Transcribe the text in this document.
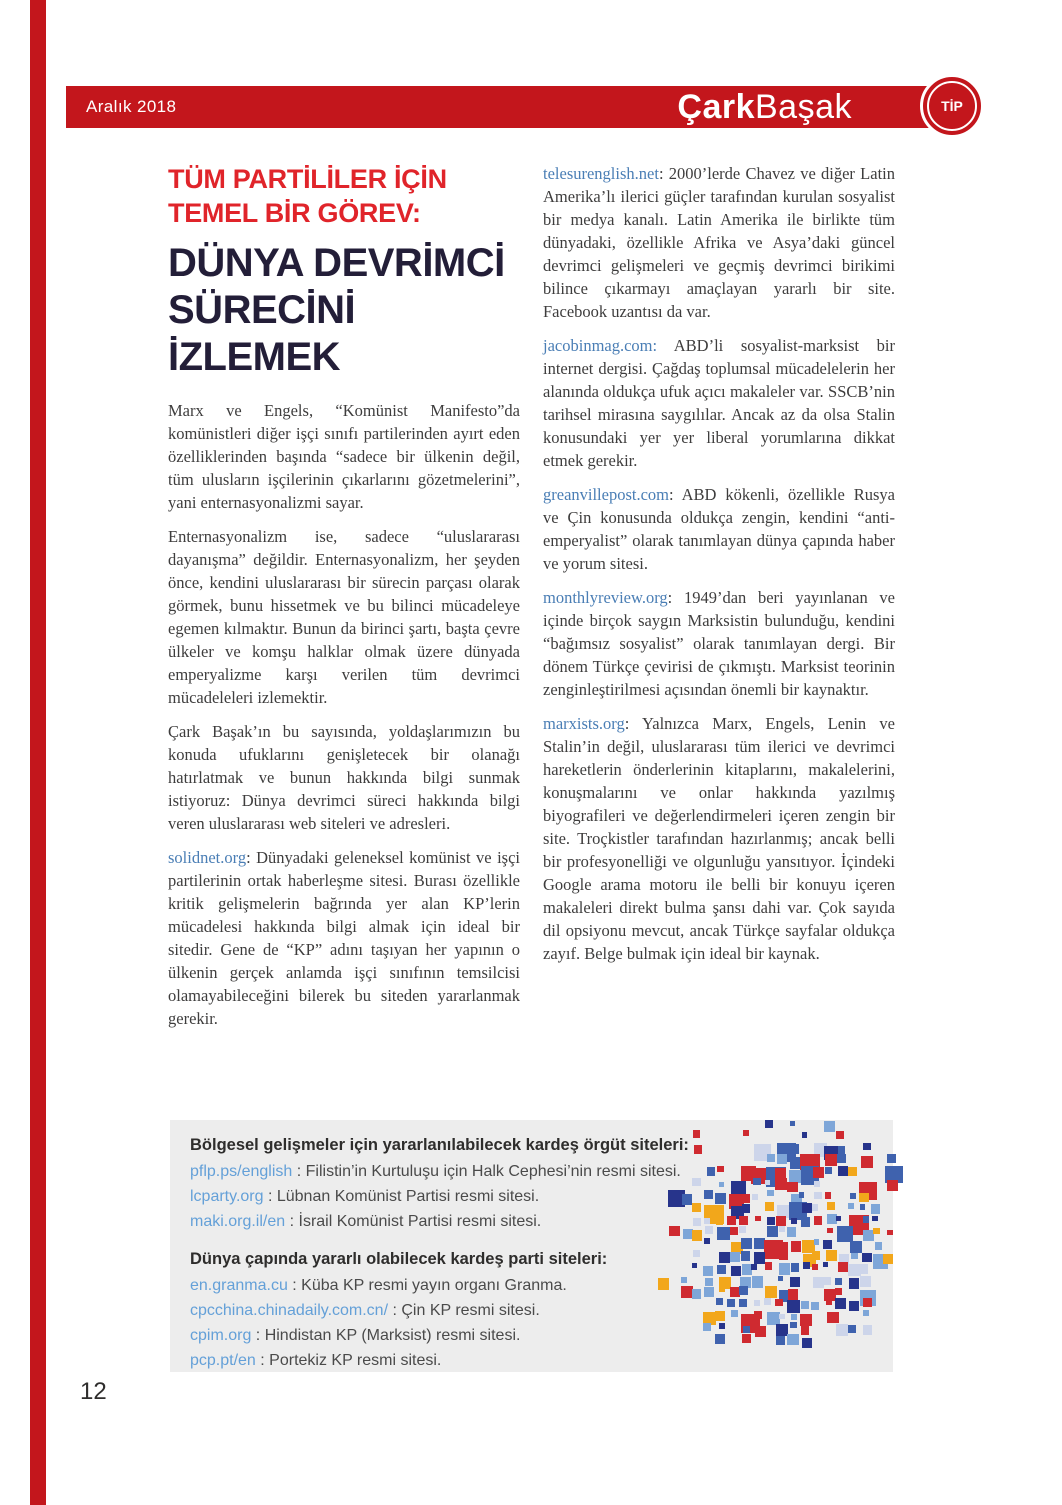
Aralık 2018	ÇarkBaşak	TİP
TÜM PARTİLİLER İÇİN
TEMEL BİR GÖREV:
DÜNYA DEVRİMCİ
SÜRECİNİ İZLEMEK

Marx ve Engels, “Komünist Manifesto”da komünistleri diğer işçi sınıfı partilerinden ayırt eden özelliklerinden başında “sadece bir ülkenin değil, tüm ulusların işçilerinin çıkarlarını gözetmelerini”, yani enternasyonalizmi sayar.

Enternasyonalizm ise, sadece “uluslararası dayanışma” değildir. Enternasyonalizm, her şeyden önce, kendini uluslararası bir sürecin parçası olarak görmek, bunu hissetmek ve bu bilinci mücadeleye egemen kılmaktır. Bunun da birinci şartı, başta çevre ülkeler ve komşu halklar olmak üzere dünyada emperyalizme karşı verilen tüm devrimci mücadeleleri izlemektir.

Çark Başak’ın bu sayısında, yoldaşlarımızın bu konuda ufuklarını genişletecek bir olanağı hatırlatmak ve bunun hakkında bilgi sunmak istiyoruz: Dünya devrimci süreci hakkında bilgi veren uluslararası web siteleri ve adresleri.

solidnet.org: Dünyadaki geleneksel komünist ve işçi partilerinin ortak haberleşme sitesi. Burası özellikle kritik gelişmelerin bağrında yer alan KP’lerin mücadelesi hakkında bilgi almak için ideal bir sitedir. Gene de “KP” adını taşıyan her yapının o ülkenin gerçek anlamda işçi sınıfının temsilcisi olamayabileceğini bilerek bu siteden yararlanmak gerekir.

telesurenglish.net: 2000’lerde Chavez ve diğer Latin Amerika’lı ilerici güçler tarafından kurulan sosyalist bir medya kanalı. Latin Amerika ile birlikte tüm dünyadaki, özellikle Afrika ve Asya’daki güncel devrimci gelişmeleri ve geçmiş devrimci birikimi bilince çıkarmayı amaçlayan yararlı bir site. Facebook uzantısı da var.

jacobinmag.com: ABD’li sosyalist-marksist bir internet dergisi. Çağdaş toplumsal mücadelelerin her alanında oldukça ufuk açıcı makaleler var. SSCB’nin tarihsel mirasına saygılılar. Ancak az da olsa Stalin konusundaki yer yer liberal yorumlarına dikkat etmek gerekir.

greanvillepost.com: ABD kökenli, özellikle Rusya ve Çin konusunda oldukça zengin, kendini “anti-emperyalist” olarak tanımlayan dünya çapında haber ve yorum sitesi.

monthlyreview.org: 1949’dan beri yayınlanan ve içinde birçok saygın Marksistin bulunduğu, kendini “bağımsız sosyalist” olarak tanımlayan dergi. Bir dönem Türkçe çevirisi de çıkmıştı. Marksist teorinin zenginleştirilmesi açısından önemli bir kaynaktır.

marxists.org: Yalnızca Marx, Engels, Lenin ve Stalin’in değil, uluslararası tüm ilerici ve devrimci hareketlerin önderlerinin kitaplarını, makalelerini, konuşmalarını ve onlar hakkında yazılmış biyografileri ve değerlendirmeleri içeren zengin bir site. Troçkistler tarafından hazırlanmış; ancak belli bir profesyonelliği ve olgunluğu yansıtıyor. İçindeki Google arama motoru ile belli bir konuyu içeren makaleleri direkt bulma şansı dahi var. Çok sayıda dil opsiyonu mevcut, ancak Türkçe sayfalar oldukça zayıf. Belge bulmak için ideal bir kaynak.

Bölgesel gelişmeler için yararlanılabilecek kardeş örgüt siteleri:

pflp.ps/english : Filistin’in Kurtuluşu için Halk Cephesi’nin resmi sitesi.

lcparty.org : Lübnan Komünist Partisi resmi sitesi.

maki.org.il/en : İsrail Komünist Partisi resmi sitesi.

Dünya çapında yararlı olabilecek kardeş parti siteleri:

en.granma.cu : Küba KP resmi yayın organı Granma.

cpcchina.chinadaily.com.cn/ : Çin KP resmi sitesi.

cpim.org : Hindistan KP (Marksist) resmi sitesi.

pcp.pt/en : Portekiz KP resmi sitesi.

12
